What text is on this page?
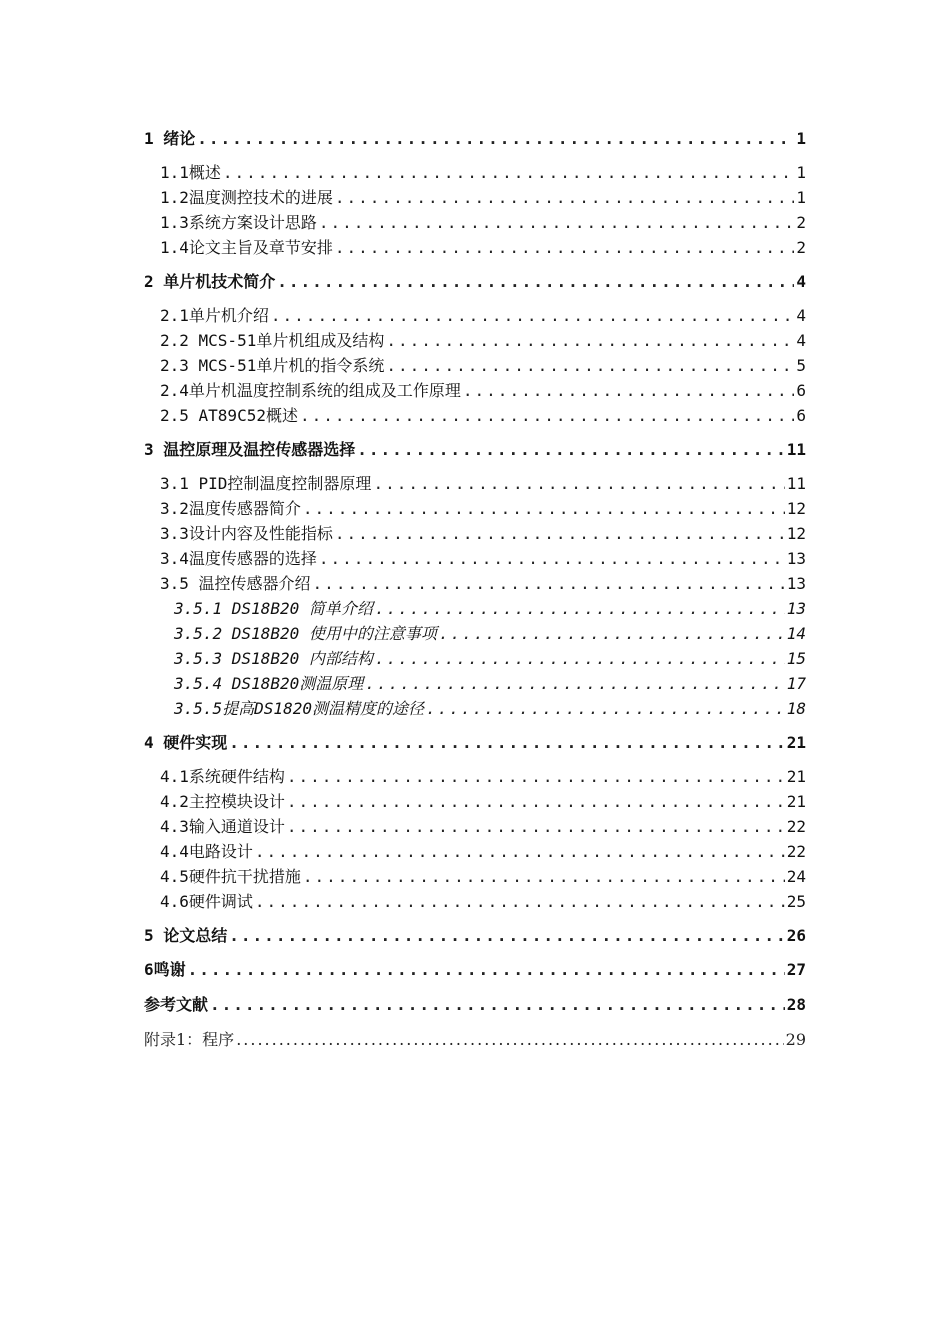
1 绪论 .....	1
1.1概述 .....	1
1.2温度测控技术的进展 .....	1
1.3系统方案设计思路 .....	2
1.4论文主旨及章节安排 .....	2
2 单片机技术简介 .....	4
2.1单片机介绍 .....	4
2.2 MCS-51单片机组成及结构 .....	4
2.3 MCS-51单片机的指令系统 .....	5
2.4单片机温度控制系统的组成及工作原理 .....	6
2.5 AT89C52概述 .....	6
3 温控原理及温控传感器选择 .....	11
3.1 PID控制温度控制器原理 .....	11
3.2温度传感器简介 .....	12
3.3设计内容及性能指标 .....	12
3.4温度传感器的选择 .....	13
3.5 温控传感器介绍 .....	13
3.5.1 DS18B20 简单介绍 .....	13
3.5.2 DS18B20 使用中的注意事项 .....	14
3.5.3 DS18B20 内部结构 .....	15
3.5.4 DS18B20测温原理 .....	17
3.5.5提高DS1820测温精度的途径 .....	18
4 硬件实现 .....	21
4.1系统硬件结构 .....	21
4.2主控模块设计 .....	21
4.3输入通道设计 .....	22
4.4电路设计 .....	22
4.5硬件抗干扰措施 .....	24
4.6硬件调试 .....	25
5 论文总结 .....	26
6鸣谢 .....	27
参考文献 .....	28
附录1：程序 .....	29
